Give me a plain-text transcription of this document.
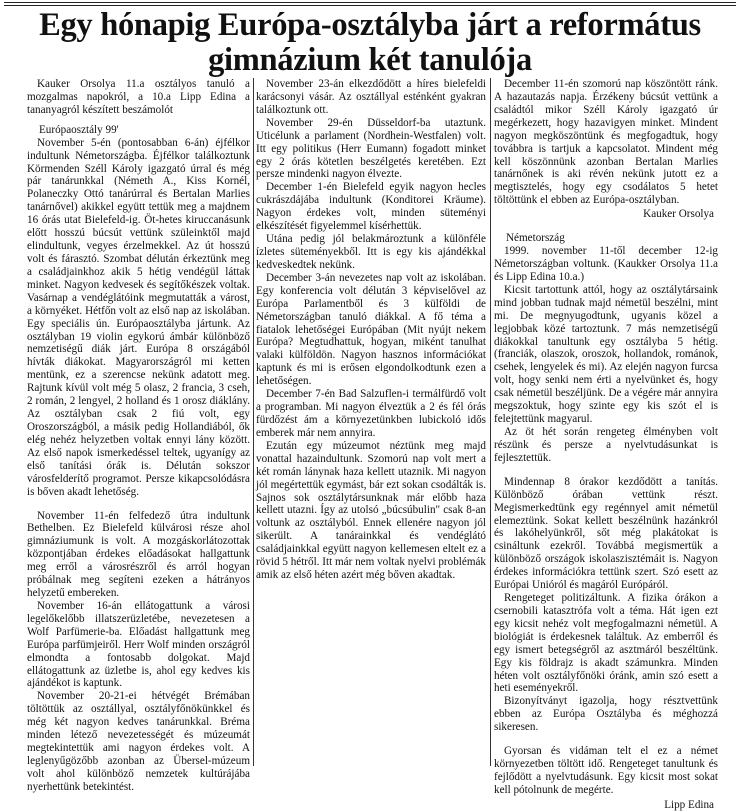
Egy hónapig Európa-osztályba járt a református
gimnázium két tanulója

Kauker Orsolya 11.a osztályos tanuló a mozgalmas napokról, a 10.a Lipp Edina a tananyagról készített beszámolót

Európaosztály 99'

November 5-én (pontosabban 6-án) éjfélkor indultunk Németországba. Éjfélkor találkoztunk Körmenden Széll Károly igazgató úrral és még pár tanárunkkal (Németh A., Kiss Kornél, Polaneczky Ottó tanárúrral és Bertalan Marlies tanárnővel) akikkel együtt tettük meg a majdnem 16 órás utat Bielefeld-ig. Öt-hetes kiruccanásunk előtt hosszú búcsút vettünk szüleinktől majd elindultunk, vegyes érzelmekkel. Az út hosszú volt és fárasztó. Szombat délután érkeztünk meg a családjainkhoz akik 5 hétig vendégül láttak minket. Nagyon kedvesek és segítőkészek voltak. Vasárnap a vendéglátóink megmutatták a várost, a környéket. Hétfőn volt az első nap az iskolában. Egy speciális ún. Európaosztályba jártunk. Az osztályban 19 violin egykorú ámbár különböző nemzetiségű diák járt. Európa 8 országából hívták diákokat. Magyarországról mi ketten mentünk, ez a szerencse nekünk adatott meg. Rajtunk kívül volt még 5 olasz, 2 francia, 3 cseh, 2 román, 2 lengyel, 2 holland és 1 orosz diáklány. Az osztályban csak 2 fiú volt, egy Oroszországból, a másik pedig Hollandiából, ők elég nehéz helyzetben voltak ennyi lány között. Az első napok ismerkedéssel teltek, ugyanígy az első tanítási órák is. Délután sokszor városfelderítő programot. Persze kikapcsolódásra is bőven akadt lehetőség.

November 11-én felfedező útra indultunk Bethelben. Ez Bielefeld külvárosi része ahol gimnáziumunk is volt. A mozgáskorlátozottak központjában érdekes előadásokat hallgattunk meg erről a városrészről és arról hogyan próbálnak meg segíteni ezeken a hátrányos helyzetű embereken.

November 16-án ellátogattunk a városi legelőkelőbb illatszerüzletébe, nevezetesen a Wolf Parfümerie-ba. Előadást hallgattunk meg Európa parfümjeiről. Herr Wolf minden országról elmondta a fontosabb dolgokat. Majd ellátogattunk az üzletbe is, ahol egy kedves kis ajándékot is kaptunk.

November 20-21-ei hétvégét Brémában töltöttük az osztállyal, osztályfőnökünkkel és még két nagyon kedves tanárunkkal. Bréma minden létező nevezetességét és múzeumát megtekintettük ami nagyon érdekes volt. A leglenyűgözőbb azonban az Übersel-múzeum volt ahol különböző nemzetek kultúrájába nyerhettünk betekintést.

November 23-án elkezdődött a híres bielefeldi karácsonyi vásár. Az osztállyal esténként gyakran találkoztunk ott.

November 29-én Düsseldorf-ba utaztunk. Uticélunk a parlament (Nordhein-Westfalen) volt. Itt egy politikus (Herr Eumann) fogadott minket egy 2 órás kötetlen beszélgetés keretében. Ezt persze mindenki nagyon élvezte.

December 1-én Bielefeld egyik nagyon hecles cukrászdájába indultunk (Konditorei Kräume). Nagyon érdekes volt, minden süteményi elkészítését figyelemmel kísérhettük.

Utána pedig jól belakmároztunk a különféle ízletes süteményekből. Itt is egy kis ajándékkal kedveskedtek nekünk.

December 3-án nevezetes nap volt az iskolában. Egy konferencia volt délután 3 képviselővel az Európa Parlamentből és 3 külföldi de Németországban tanuló diákkal. A fő téma a fiatalok lehetőségei Európában (Mit nyújt nekem Európa? Megtudhattuk, hogyan, miként tanulhat valaki külföldön. Nagyon hasznos információkat kaptunk és mi is erősen elgondolkodtunk ezen a lehetőségen.

December 7-én Bad Salzuflen-i termálfürdő volt a programban. Mi nagyon élveztük a 2 és fél órás fürdőzést ám a környezetünkben lubickoló idős emberek már nem annyira.

Ezután egy múzeumot néztünk meg majd vonattal hazaindultunk. Szomorú nap volt mert a két román lánynak haza kellett utaznik. Mi nagyon jól megértettük egymást, bár ezt sokan csodálták is. Sajnos sok osztálytársunknak már előbb haza kellett utazni. Így az utolsó „búcsúbulin" csak 8-an voltunk az osztályból. Ennek ellenére nagyon jól sikerült. A tanárainkkal és vendéglátó családjainkkal együtt nagyon kellemesen eltelt ez a rövid 5 hétről. Itt már nem voltak nyelvi problémák amik az első héten azért még bőven akadtak.

December 11-én szomorú nap köszöntött ránk. A hazautazás napja. Érzékeny búcsút vettünk a családtól mikor Széll Károly igazgató úr megérkezett, hogy hazavigyen minket. Mindent nagyon megköszöntünk és megfogadtuk, hogy továbbra is tartjuk a kapcsolatot. Mindent még kell köszönnünk azonban Bertalan Marlies tanárnőnek is aki révén nekünk jutott ez a megtisztelés, hogy egy csodálatos 5 hetet töltöttünk el ebben az Európa-osztályban.

Kauker Orsolya

Németország

1999. november 11-től december 12-ig Németországban voltunk. (Kaukker Orsolya 11.a és Lipp Edina 10.a.)

Kicsit tartottunk attól, hogy az osztálytársaink mind jobban tudnak majd németül beszélni, mint mi. De megnyugodtunk, ugyanis közel a legjobbak közé tartoztunk. 7 más nemzetiségű diákokkal tanultunk egy osztályba 5 hétig. (franciák, olaszok, oroszok, hollandok, románok, csehek, lengyelek és mi). Az elején nagyon furcsa volt, hogy senki nem érti a nyelvünket és, hogy csak németül beszéljünk. De a végére már annyira megszoktuk, hogy szinte egy kis szót el is felejtettünk magyarul.

Az öt hét során rengeteg élményben volt részünk és persze a nyelvtudásunkat is fejlesztettük.

Mindennap 8 órakor kezdődött a tanítás. Különböző órában vettünk részt. Megismerkedtünk egy regénnyel amit németül elemeztünk. Sokat kellett beszélnünk hazánkról és lakóhelyünkről, sőt még plakátokat is csináltunk ezekről. Továbbá megismertük a különböző országok iskolaszisztémáit is. Nagyon érdekes információkra tettünk szert. Szó esett az Európai Unióról és magáról Európáról.

Rengeteget politizáltunk. A fizika órákon a csernobili katasztrófa volt a téma. Hát igen ezt egy kicsit nehéz volt megfogalmazni németül. A biológiát is érdekesnek találtuk. Az emberről és egy ismert betegségről az asztmáról beszéltünk. Egy kis földrajz is akadt számunkra. Minden héten volt osztályfőnöki óránk, amin szó esett a heti eseményekről.

Bizonyítványt igazolja, hogy résztvettünk ebben az Európa Osztályba és méghozzá sikeresen.

Gyorsan és vidáman telt el ez a német környezetben töltött idő. Rengeteget tanultunk és fejlődött a nyelvtudásunk. Egy kicsit most sokat kell pótolnunk de megérte.

Lipp Edina
